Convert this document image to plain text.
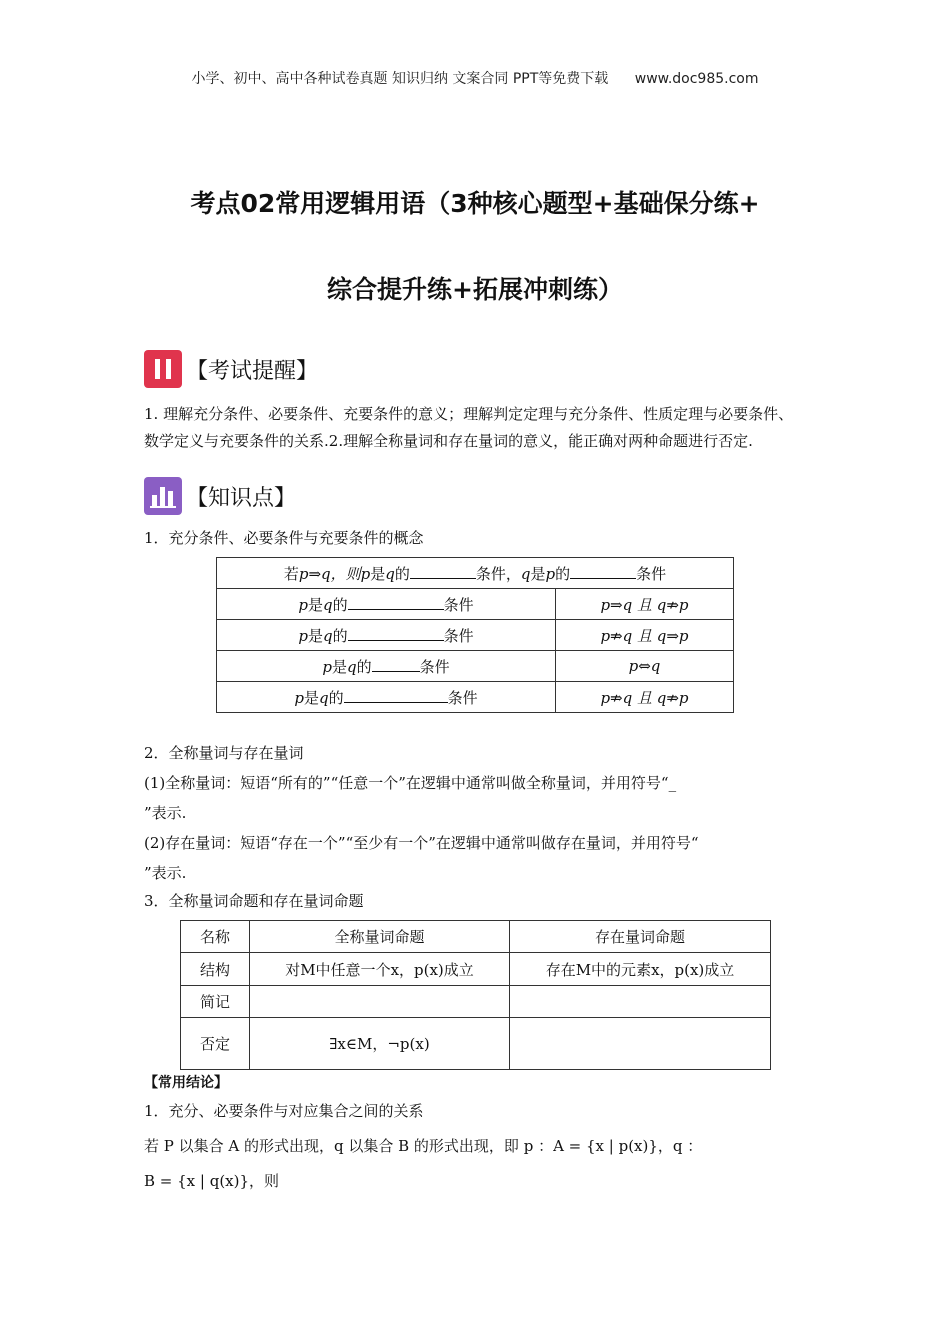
小学、初中、高中各种试卷真题 知识归纳 文案合同 PPT等免费下载 www.doc985.com
考点02常用逻辑用语（3种核心题型+基础保分练+
综合提升练+拓展冲刺练）
【考试提醒】
1. 理解充分条件、必要条件、充要条件的意义；理解判定定理与充分条件、性质定理与必要条件、数学定义与充要条件的关系.2.理解全称量词和存在量词的意义，能正确对两种命题进行否定.
【知识点】
1．充分条件、必要条件与充要条件的概念
若p⇒q，则p是q的 条件，q是p的 条件	
p是q的 条件	p⇒q 且 q⇏p
p是q的 条件	p⇏q 且 q⇒p
p是q的 条件	p⇔q
p是q的 条件	p⇏q 且 q⇏p
2．全称量词与存在量词
(1)全称量词：短语“所有的”“任意一个”在逻辑中通常叫做全称量词，并用符号“_
”表示.
(2)存在量词：短语“存在一个”“至少有一个”在逻辑中通常叫做存在量词，并用符号“
”表示.
3．全称量词命题和存在量词命题
名称	全称量词命题	存在量词命题
结构	对M中任意一个x，p(x)成立	存在M中的元素x，p(x)成立
简记		
否定	∃x∈M，¬p(x)	
【常用结论】
1．充分、必要条件与对应集合之间的关系
若 P 以集合 A 的形式出现，q 以集合 B 的形式出现，即 p ：A = {x | p(x)}，q ：
B = {x | q(x)}，则
